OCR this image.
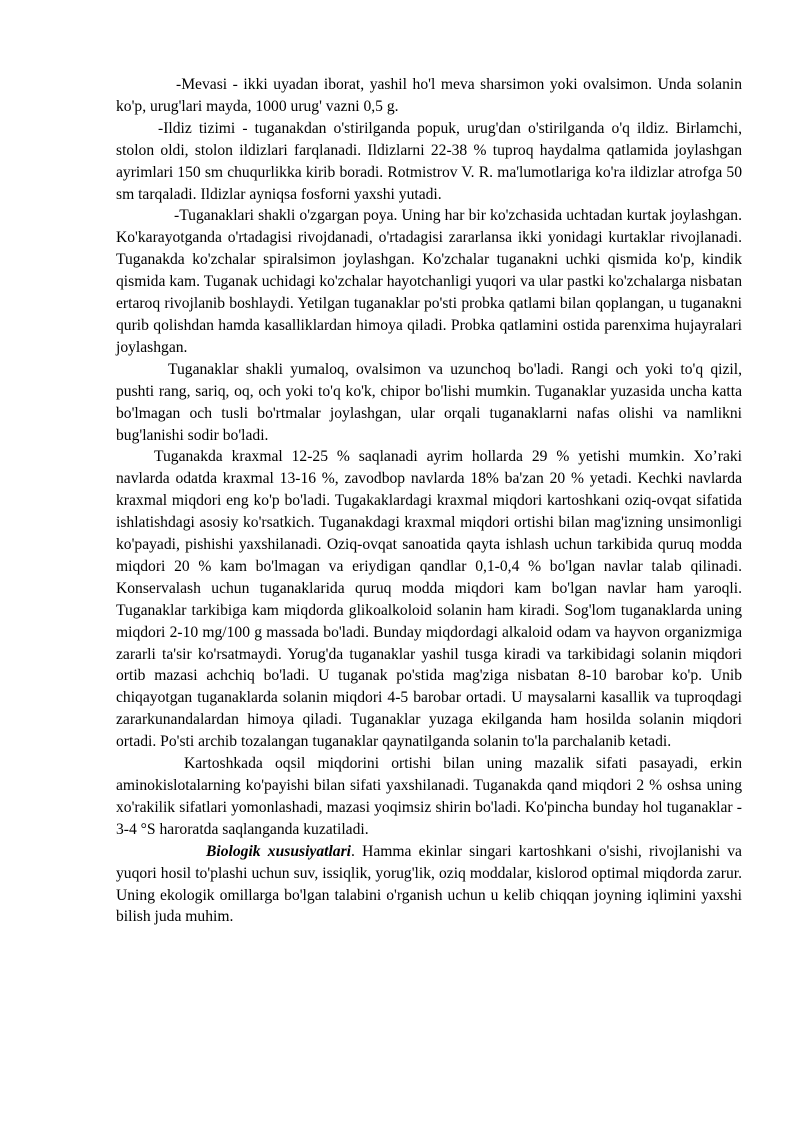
-Mevasi - ikki uyadan iborat, yashil ho'l meva sharsimon yoki ovalsimon. Unda solanin ko'p, urug'lari mayda, 1000 urug' vazni 0,5 g.

-Ildiz tizimi - tuganakdan o'stirilganda popuk, urug'dan o'stirilganda o'q ildiz. Birlamchi, stolon oldi, stolon ildizlari farqlanadi. Ildizlarni 22-38 % tuproq haydalma qatlamida joylashgan ayrimlari 150 sm chuqurlikka kirib boradi. Rotmistrov V. R. ma'lumotlariga ko'ra ildizlar atrofga 50 sm tarqaladi. Ildizlar ayniqsa fosforni yaxshi yutadi.

-Tuganaklari shakli o'zgargan poya. Uning har bir ko'zchasida uchtadan kurtak joylashgan. Ko'karayotganda o'rtadagisi rivojdanadi, o'rtadagisi zararlansa ikki yonidagi kurtaklar rivojlanadi. Tuganakda ko'zchalar spiralsimon joylashgan. Ko'zchalar tuganakni uchki qismida ko'p, kindik qismida kam. Tuganak uchidagi ko'zchalar hayotchanligi yuqori va ular pastki ko'zchalarga nisbatan ertaroq rivojlanib boshlaydi. Yetilgan tuganaklar po'sti probka qatlami bilan qoplangan, u tuganakni qurib qolishdan hamda kasalliklardan himoya qiladi. Probka qatlamini ostida parenxima hujayralari joylashgan.

Tuganaklar shakli yumaloq, ovalsimon va uzunchoq bo'ladi. Rangi och yoki to'q qizil, pushti rang, sariq, oq, och yoki to'q ko'k, chipor bo'lishi mumkin. Tuganaklar yuzasida uncha katta bo'lmagan och tusli bo'rtmalar joylashgan, ular orqali tuganaklarni nafas olishi va namlikni bug'lanishi sodir bo'ladi.

Tuganakda kraxmal 12-25 % saqlanadi ayrim hollarda 29 % yetishi mumkin. Xo’raki navlarda odatda kraxmal 13-16 %, zavodbop navlarda 18% ba'zan 20 % yetadi. Kechki navlarda kraxmal miqdori eng ko'p bo'ladi. Tugakaklardagi kraxmal miqdori kartoshkani oziq-ovqat sifatida ishlatishdagi asosiy ko'rsatkich. Tuganakdagi kraxmal miqdori ortishi bilan mag'izning unsimonligi ko'payadi, pishishi yaxshilanadi. Oziq-ovqat sanoatida qayta ishlash uchun tarkibida quruq modda miqdori 20 % kam bo'lmagan va eriydigan qandlar 0,1-0,4 % bo'lgan navlar talab qilinadi. Konservalash uchun tuganaklarida quruq modda miqdori kam bo'lgan navlar ham yaroqli. Tuganaklar tarkibiga kam miqdorda glikoalkoloid solanin ham kiradi. Sog'lom tuganaklarda uning miqdori 2-10 mg/100 g massada bo'ladi. Bunday miqdordagi alkaloid odam va hayvon organizmiga zararli ta'sir ko'rsatmaydi. Yorug'da tuganaklar yashil tusga kiradi va tarkibidagi solanin miqdori ortib mazasi achchiq bo'ladi. U tuganak po'stida mag'ziga nisbatan 8-10 barobar ko'p. Unib chiqayotgan tuganaklarda solanin miqdori 4-5 barobar ortadi. U maysalarni kasallik va tuproqdagi zararkunandalardan himoya qiladi. Tuganaklar yuzaga ekilganda ham hosilda solanin miqdori ortadi. Po'sti archib tozalangan tuganaklar qaynatilganda solanin to'la parchalanib ketadi.

Kartoshkada oqsil miqdorini ortishi bilan uning mazalik sifati pasayadi, erkin aminokislotalarning ko'payishi bilan sifati yaxshilanadi. Tuganakda qand miqdori 2 % oshsa uning xo'rakilik sifatlari yomonlashadi, mazasi yoqimsiz shirin bo'ladi. Ko'pincha bunday hol tuganaklar - 3-4 °S haroratda saqlanganda kuzatiladi.

Biologik xususiyatlari. Hamma ekinlar singari kartoshkani o'sishi, rivojlanishi va yuqori hosil to'plashi uchun suv, issiqlik, yorug'lik, oziq moddalar, kislorod optimal miqdorda zarur. Uning ekologik omillarga bo'lgan talabini o'rganish uchun u kelib chiqqan joyning iqlimini yaxshi bilish juda muhim.
